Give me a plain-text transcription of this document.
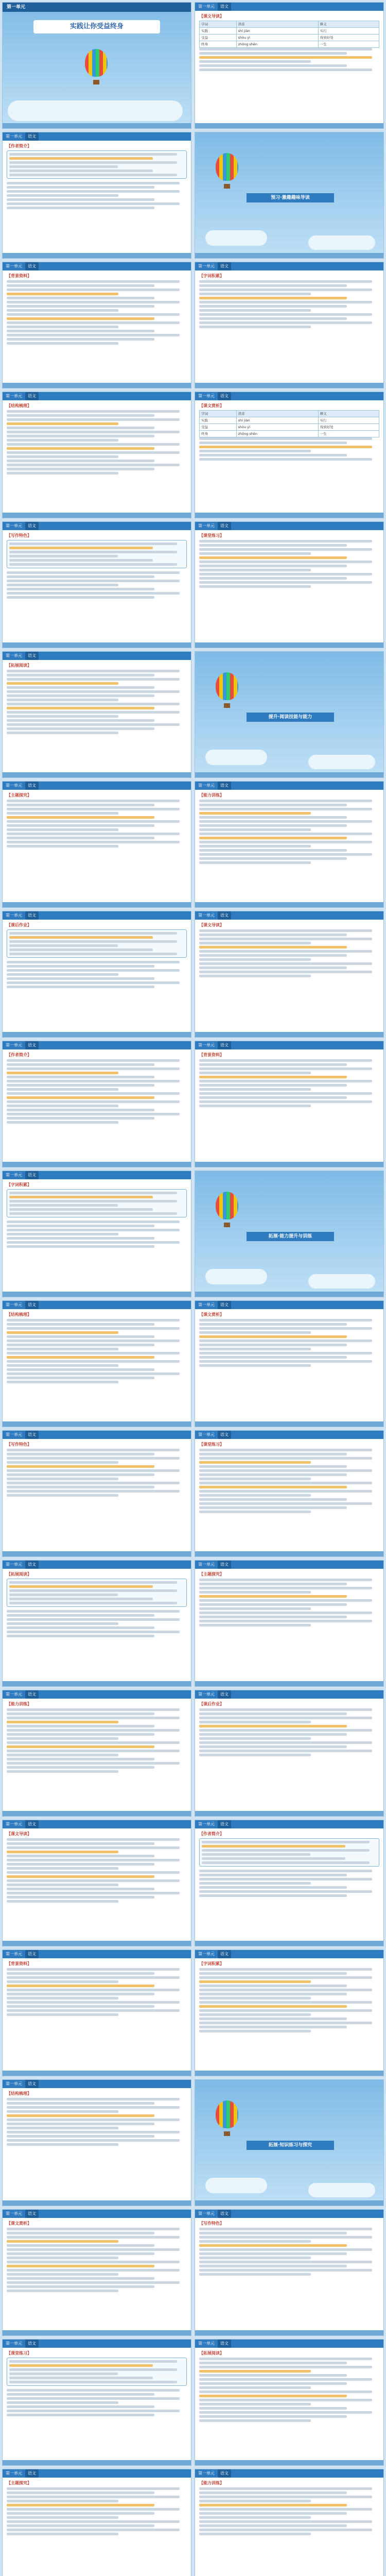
第一单元
实践让你受益终身
第一单元	语文
【课文导读】
字词	读音	释义
实践	shí jiàn	实行
受益	shòu yì	得到好处
终身	zhōng shēn	一生
第一单元	语文
【作者简介】
预习·激趣趣味导读
第一单元	语文
【背景资料】
第一单元	语文
【字词积累】
第一单元	语文
【结构梳理】
第一单元	语文
【课文赏析】
字词	读音	释义
实践	shí jiàn	实行
受益	shòu yì	得到好处
终身	zhōng shēn	一生
第一单元	语文
【写作特色】
第一单元	语文
【课堂练习】
第一单元	语文
【拓展阅读】
提升·阅读技能与能力
第一单元	语文
【主题探究】
第一单元	语文
【能力训练】
第一单元	语文
【课后作业】
第一单元	语文
【课文导读】
第一单元	语文
【作者简介】
第一单元	语文
【背景资料】
第一单元	语文
【字词积累】
拓展·能力提升与训练
第一单元	语文
【结构梳理】
第一单元	语文
【课文赏析】
第一单元	语文
【写作特色】
第一单元	语文
【课堂练习】
第一单元	语文
【拓展阅读】
第一单元	语文
【主题探究】
第一单元	语文
【能力训练】
第一单元	语文
【课后作业】
第一单元	语文
【课文导读】
第一单元	语文
【作者简介】
第一单元	语文
【背景资料】
第一单元	语文
【字词积累】
第一单元	语文
【结构梳理】
拓展·知识练习与探究
第一单元	语文
【课文赏析】
第一单元	语文
【写作特色】
第一单元	语文
【课堂练习】
第一单元	语文
【拓展阅读】
第一单元	语文
【主题探究】
第一单元	语文
【能力训练】
